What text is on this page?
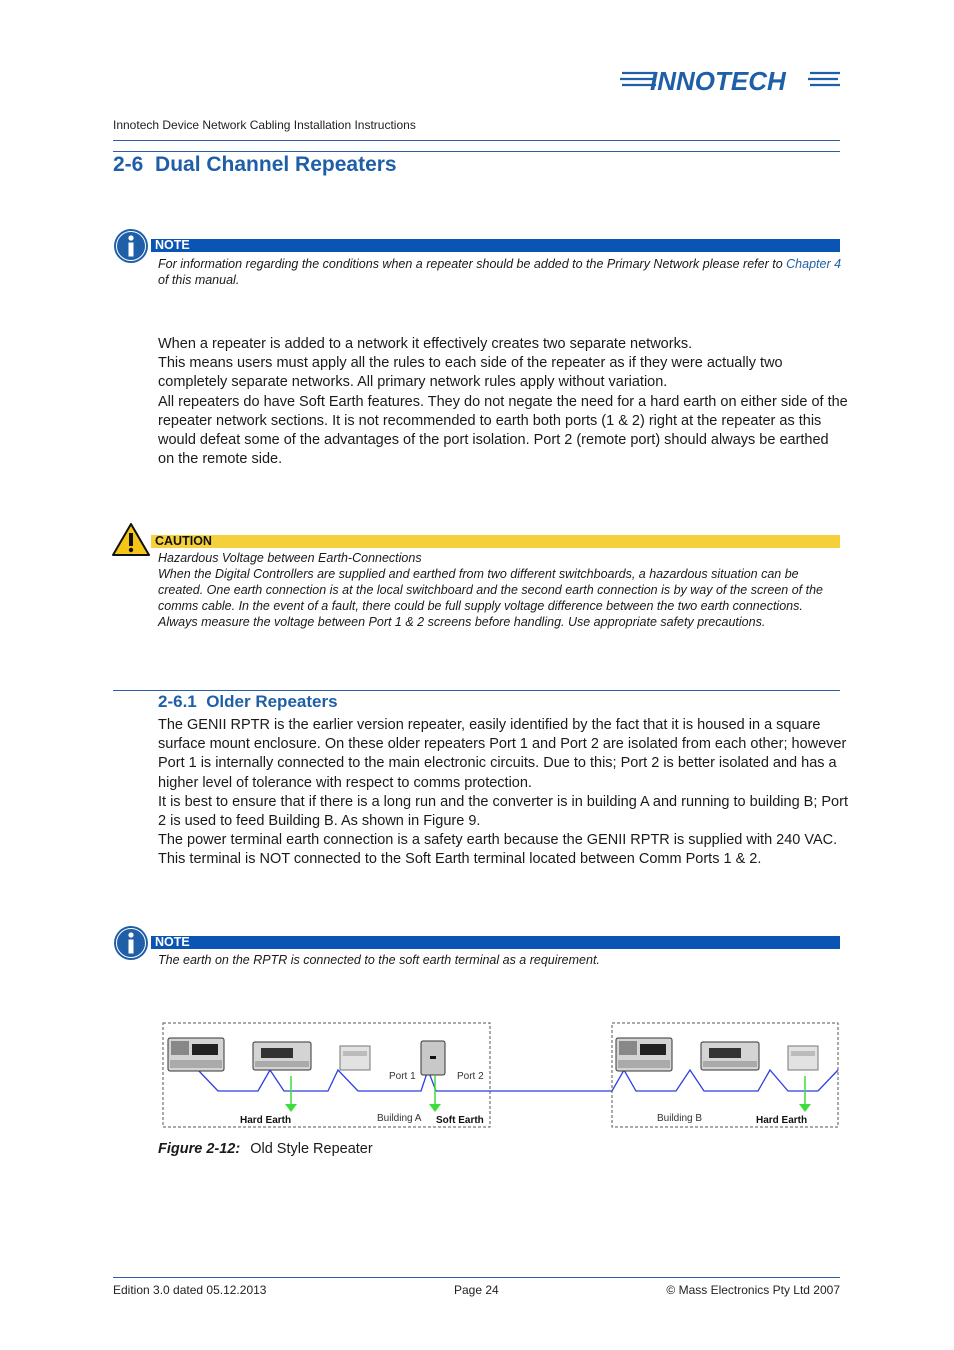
INNOTECH
Innotech Device Network Cabling Installation Instructions
2-6 Dual Channel Repeaters
NOTE
For information regarding the conditions when a repeater should be added to the Primary Network please refer to Chapter 4 of this manual.

When a repeater is added to a network it effectively creates two separate networks.

This means users must apply all the rules to each side of the repeater as if they were actually two completely separate networks. All primary network rules apply without variation.

All repeaters do have Soft Earth features. They do not negate the need for a hard earth on either side of the repeater network sections. It is not recommended to earth both ports (1 & 2) right at the repeater as this would defeat some of the advantages of the port isolation. Port 2 (remote port) should always be earthed on the remote side.

CAUTION

Hazardous Voltage between Earth-Connections

When the Digital Controllers are supplied and earthed from two different switchboards, a hazardous situation can be created. One earth connection is at the local switchboard and the second earth connection is by way of the screen of the comms cable. In the event of a fault, there could be full supply voltage difference between the two earth connections. Always measure the voltage between Port 1 & 2 screens before handling. Use appropriate safety precautions.

2-6.1 Older Repeaters

The GENII RPTR is the earlier version repeater, easily identified by the fact that it is housed in a square surface mount enclosure. On these older repeaters Port 1 and Port 2 are isolated from each other; however Port 1 is internally connected to the main electronic circuits. Due to this; Port 2 is better isolated and has a higher level of tolerance with respect to comms protection.

It is best to ensure that if there is a long run and the converter is in building A and running to building B; Port 2 is used to feed Building B. As shown in Figure 9.

The power terminal earth connection is a safety earth because the GENII RPTR is supplied with 240 VAC. This terminal is NOT connected to the Soft Earth terminal located between Comm Ports 1 & 2.

NOTE
The earth on the RPTR is connected to the soft earth terminal as a requirement.
Port 1	Port 2
Hard Earth	Building A Soft Earth	Building B	Hard Earth
Figure 2-12: Old Style Repeater
Edition 3.0 dated 05.12.2013	Page 24	© Mass Electronics Pty Ltd 2007
